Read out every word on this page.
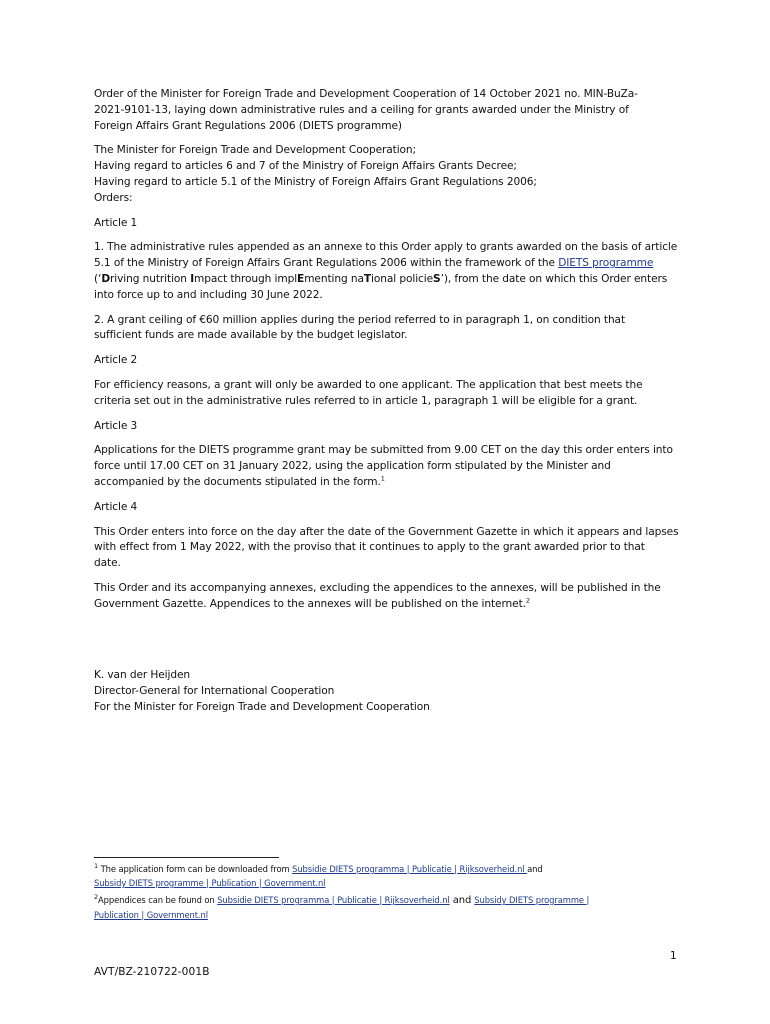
Order of the Minister for Foreign Trade and Development Cooperation of 14 October 2021 no. MIN-BuZa-
2021-9101-13, laying down administrative rules and a ceiling for grants awarded under the Ministry of
Foreign Affairs Grant Regulations 2006 (DIETS programme)

The Minister for Foreign Trade and Development Cooperation;
Having regard to articles 6 and 7 of the Ministry of Foreign Affairs Grants Decree;
Having regard to article 5.1 of the Ministry of Foreign Affairs Grant Regulations 2006;
Orders:

Article 1

1. The administrative rules appended as an annexe to this Order apply to grants awarded on the basis of article
5.1 of the Ministry of Foreign Affairs Grant Regulations 2006 within the framework of the DIETS programme
(‘Driving nutrition Impact through implEmenting naTional policieS’), from the date on which this Order enters
into force up to and including 30 June 2022.

2. A grant ceiling of €60 million applies during the period referred to in paragraph 1, on condition that
sufficient funds are made available by the budget legislator.

Article 2

For efficiency reasons, a grant will only be awarded to one applicant. The application that best meets the
criteria set out in the administrative rules referred to in article 1, paragraph 1 will be eligible for a grant.

Article 3

Applications for the DIETS programme grant may be submitted from 9.00 CET on the day this order enters into
force until 17.00 CET on 31 January 2022, using the application form stipulated by the Minister and
accompanied by the documents stipulated in the form.$^1$

Article 4

This Order enters into force on the day after the date of the Government Gazette in which it appears and lapses
with effect from 1 May 2022, with the proviso that it continues to apply to the grant awarded prior to that
date.

This Order and its accompanying annexes, excluding the appendices to the annexes, will be published in the
Government Gazette. Appendices to the annexes will be published on the internet.$^2$

K. van der Heijden
Director-General for International Cooperation
For the Minister for Foreign Trade and Development Cooperation
$^1$ The application form can be downloaded from Subsidie DIETS programma | Publicatie | Rijksoverheid.nl and
Subsidy DIETS programme | Publication | Government.nl
$^2$Appendices can be found on Subsidie DIETS programma | Publicatie | Rijksoverheid.nl and Subsidy DIETS programme |
Publication | Government.nl
1
AVT/BZ-210722-001B
